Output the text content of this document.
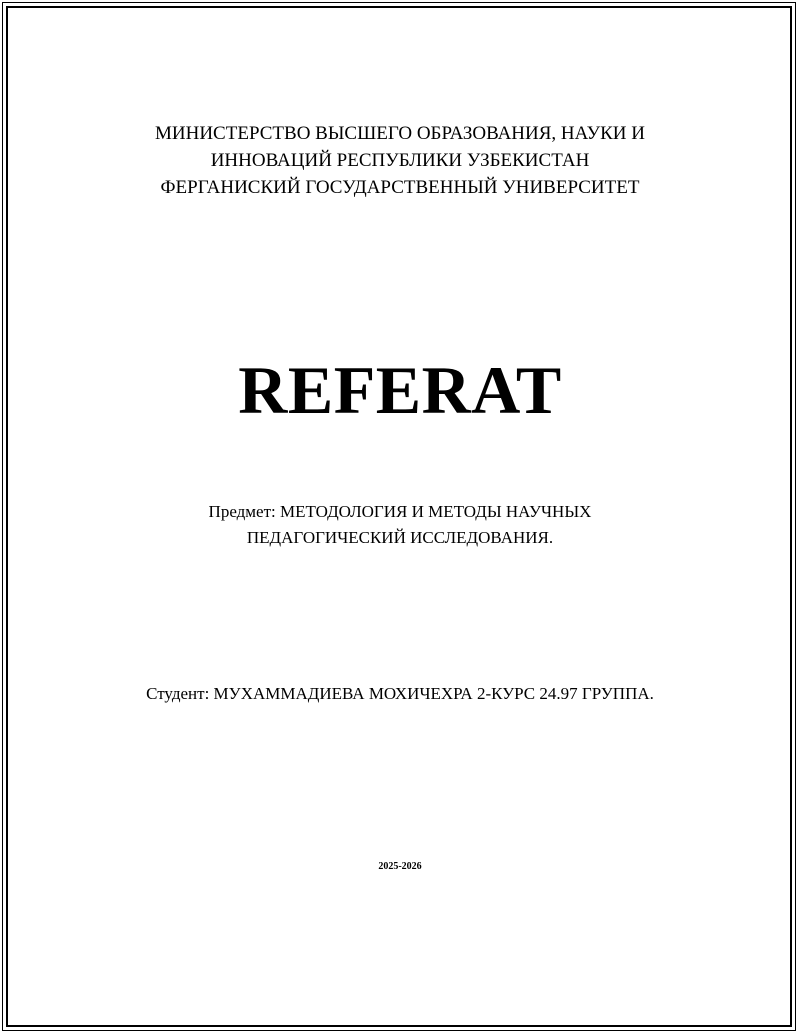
МИНИСТЕРСТВО ВЫСШЕГО ОБРАЗОВАНИЯ, НАУКИ И
ИННОВАЦИЙ РЕСПУБЛИКИ УЗБЕКИСТАН
ФЕРГАНИСКИЙ ГОСУДАРСТВЕННЫЙ УНИВЕРСИТЕТ
REFERAT
Предмет: МЕТОДОЛОГИЯ И МЕТОДЫ НАУЧНЫХ
ПЕДАГОГИЧЕСКИЙ ИССЛЕДОВАНИЯ.
Студент: МУХАММАДИЕВА МОХИЧЕХРА 2-КУРС 24.97 ГРУППА.
2025-2026
